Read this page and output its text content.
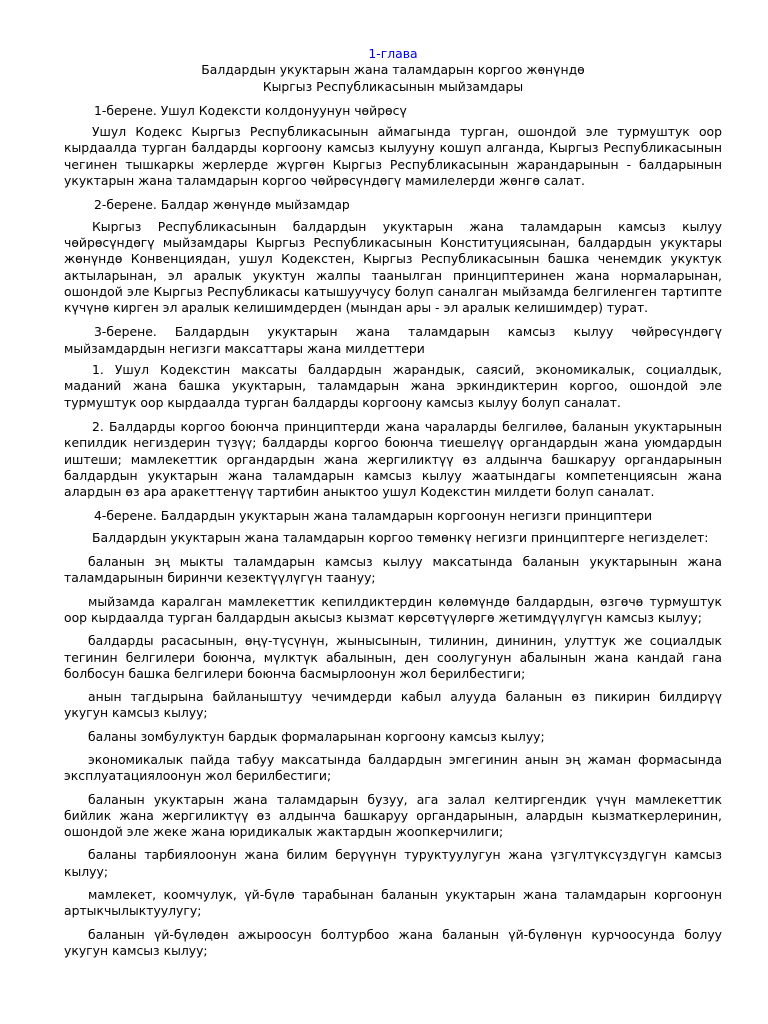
1-глава

Балдардын укуктарын жана таламдарын коргоо жөнүндө

Кыргыз Республикасынын мыйзамдары

1-берене. Ушул Кодексти колдонуунун чөйрөсү

Ушул Кодекс Кыргыз Республикасынын аймагында турган, ошондой эле турмуштук оор кырдаалда турган балдарды коргоону камсыз кылууну кошуп алганда, Кыргыз Республикасынын чегинен тышкаркы жерлерде жүргөн Кыргыз Республикасынын жарандарынын - балдарынын укуктарын жана таламдарын коргоо чөйрөсүндөгү мамилелерди жөнгө салат.

2-берене. Балдар жөнүндө мыйзамдар

Кыргыз Республикасынын балдардын укуктарын жана таламдарын камсыз кылуу чөйрөсүндөгү мыйзамдары Кыргыз Республикасынын Конституциясынан, балдардын укуктары жөнүндө Конвенциядан, ушул Кодекстен, Кыргыз Республикасынын башка ченемдик укуктук актыларынан, эл аралык укуктун жалпы таанылган принциптеринен жана нормаларынан, ошондой эле Кыргыз Республикасы катышуучусу болуп саналган мыйзамда белгиленген тартипте күчүнө кирген эл аралык келишимдерден (мындан ары - эл аралык келишимдер) турат.

3-берене. Балдардын укуктарын жана таламдарын камсыз кылуу чөйрөсүндөгү мыйзамдардын негизги максаттары жана милдеттери

1. Ушул Кодекстин максаты балдардын жарандык, саясий, экономикалык, социалдык, маданий жана башка укуктарын, таламдарын жана эркиндиктерин коргоо, ошондой эле турмуштук оор кырдаалда турган балдарды коргоону камсыз кылуу болуп саналат.

2. Балдарды коргоо боюнча принциптерди жана чараларды белгилөө, баланын укуктарынын кепилдик негиздерин түзүү; балдарды коргоо боюнча тиешелүү органдардын жана уюмдардын иштеши; мамлекеттик органдардын жана жергиликтүү өз алдынча башкаруу органдарынын балдардын укуктарын жана таламдарын камсыз кылуу жаатындагы компетенциясын жана алардын өз ара аракеттенүү тартибин аныктоо ушул Кодекстин милдети болуп саналат.

4-берене. Балдардын укуктарын жана таламдарын коргоонун негизги принциптери

Балдардын укуктарын жана таламдарын коргоо төмөнкү негизги принциптерге негизделет:

баланын эң мыкты таламдарын камсыз кылуу максатында баланын укуктарынын жана таламдарынын биринчи кезектүүлүгүн таануу;

мыйзамда каралган мамлекеттик кепилдиктердин көлөмүндө балдардын, өзгөчө турмуштук оор кырдаалда турган балдардын акысыз кызмат көрсөтүүлөргө жетимдүүлүгүн камсыз кылуу;

балдарды расасынын, өңү-түсүнүн, жынысынын, тилинин, дининин, улуттук же социалдык тегинин белгилери боюнча, мүлктүк абалынын, ден соолугунун абалынын жана кандай гана болбосун башка белгилери боюнча басмырлоонун жол берилбестиги;

анын тагдырына байланыштуу чечимдерди кабыл алууда баланын өз пикирин билдирүү укугун камсыз кылуу;

баланы зомбулуктун бардык формаларынан коргоону камсыз кылуу;

экономикалык пайда табуу максатында балдардын эмгегинин анын эң жаман формасында эксплуатациялоонун жол берилбестиги;

баланын укуктарын жана таламдарын бузуу, ага залал келтиргендик үчүн мамлекеттик бийлик жана жергиликтүү өз алдынча башкаруу органдарынын, алардын кызматкерлеринин, ошондой эле жеке жана юридикалык жактардын жоопкерчилиги;

баланы тарбиялоонун жана билим берүүнүн туруктуулугун жана үзгүлтүксүздүгүн камсыз кылуу;

мамлекет, коомчулук, үй-бүлө тарабынан баланын укуктарын жана таламдарын коргоонун артыкчылыктуулугу;

баланын үй-бүлөдөн ажыроосун болтурбоо жана баланын үй-бүлөнүн курчоосунда болуу укугун камсыз кылуу;
